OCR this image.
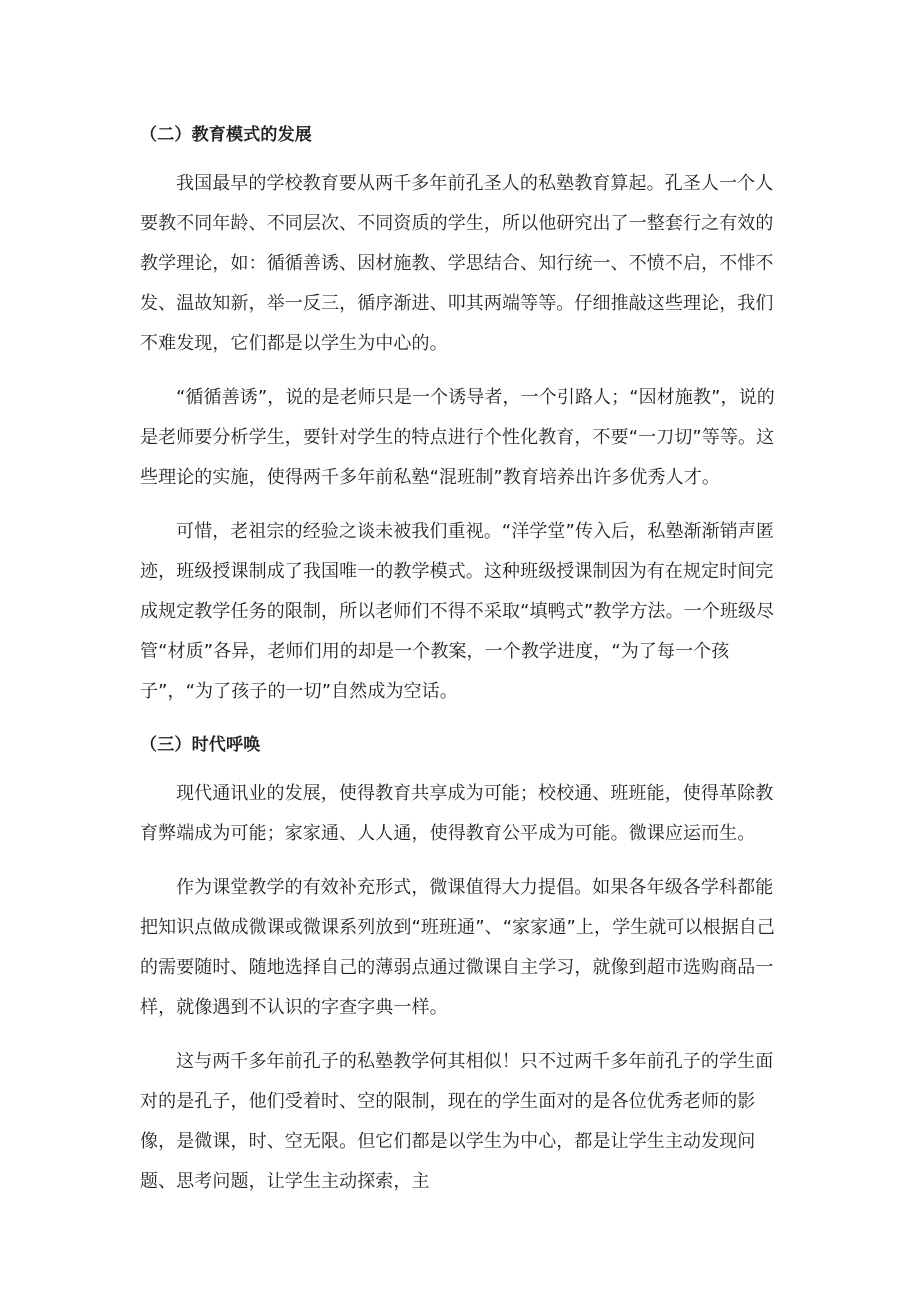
（二）教育模式的发展

我国最早的学校教育要从两千多年前孔圣人的私塾教育算起。孔圣人一个人要教不同年龄、不同层次、不同资质的学生，所以他研究出了一整套行之有效的教学理论，如：循循善诱、因材施教、学思结合、知行统一、不愤不启，不悱不发、温故知新，举一反三，循序渐进、叩其两端等等。仔细推敲这些理论，我们不难发现，它们都是以学生为中心的。

“循循善诱”，说的是老师只是一个诱导者，一个引路人；“因材施教”，说的是老师要分析学生，要针对学生的特点进行个性化教育，不要“一刀切”等等。这些理论的实施，使得两千多年前私塾“混班制”教育培养出许多优秀人才。

可惜，老祖宗的经验之谈未被我们重视。“洋学堂”传入后，私塾渐渐销声匿迹，班级授课制成了我国唯一的教学模式。这种班级授课制因为有在规定时间完成规定教学任务的限制，所以老师们不得不采取“填鸭式”教学方法。一个班级尽管“材质”各异，老师们用的却是一个教案，一个教学进度，“为了每一个孩子”，“为了孩子的一切”自然成为空话。

（三）时代呼唤

现代通讯业的发展，使得教育共享成为可能；校校通、班班能，使得革除教育弊端成为可能；家家通、人人通，使得教育公平成为可能。微课应运而生。

作为课堂教学的有效补充形式，微课值得大力提倡。如果各年级各学科都能把知识点做成微课或微课系列放到“班班通”、“家家通”上，学生就可以根据自己的需要随时、随地选择自己的薄弱点通过微课自主学习，就像到超市选购商品一样，就像遇到不认识的字查字典一样。

这与两千多年前孔子的私塾教学何其相似！只不过两千多年前孔子的学生面对的是孔子，他们受着时、空的限制，现在的学生面对的是各位优秀老师的影像，是微课，时、空无限。但它们都是以学生为中心，都是让学生主动发现问题、思考问题，让学生主动探索，主
